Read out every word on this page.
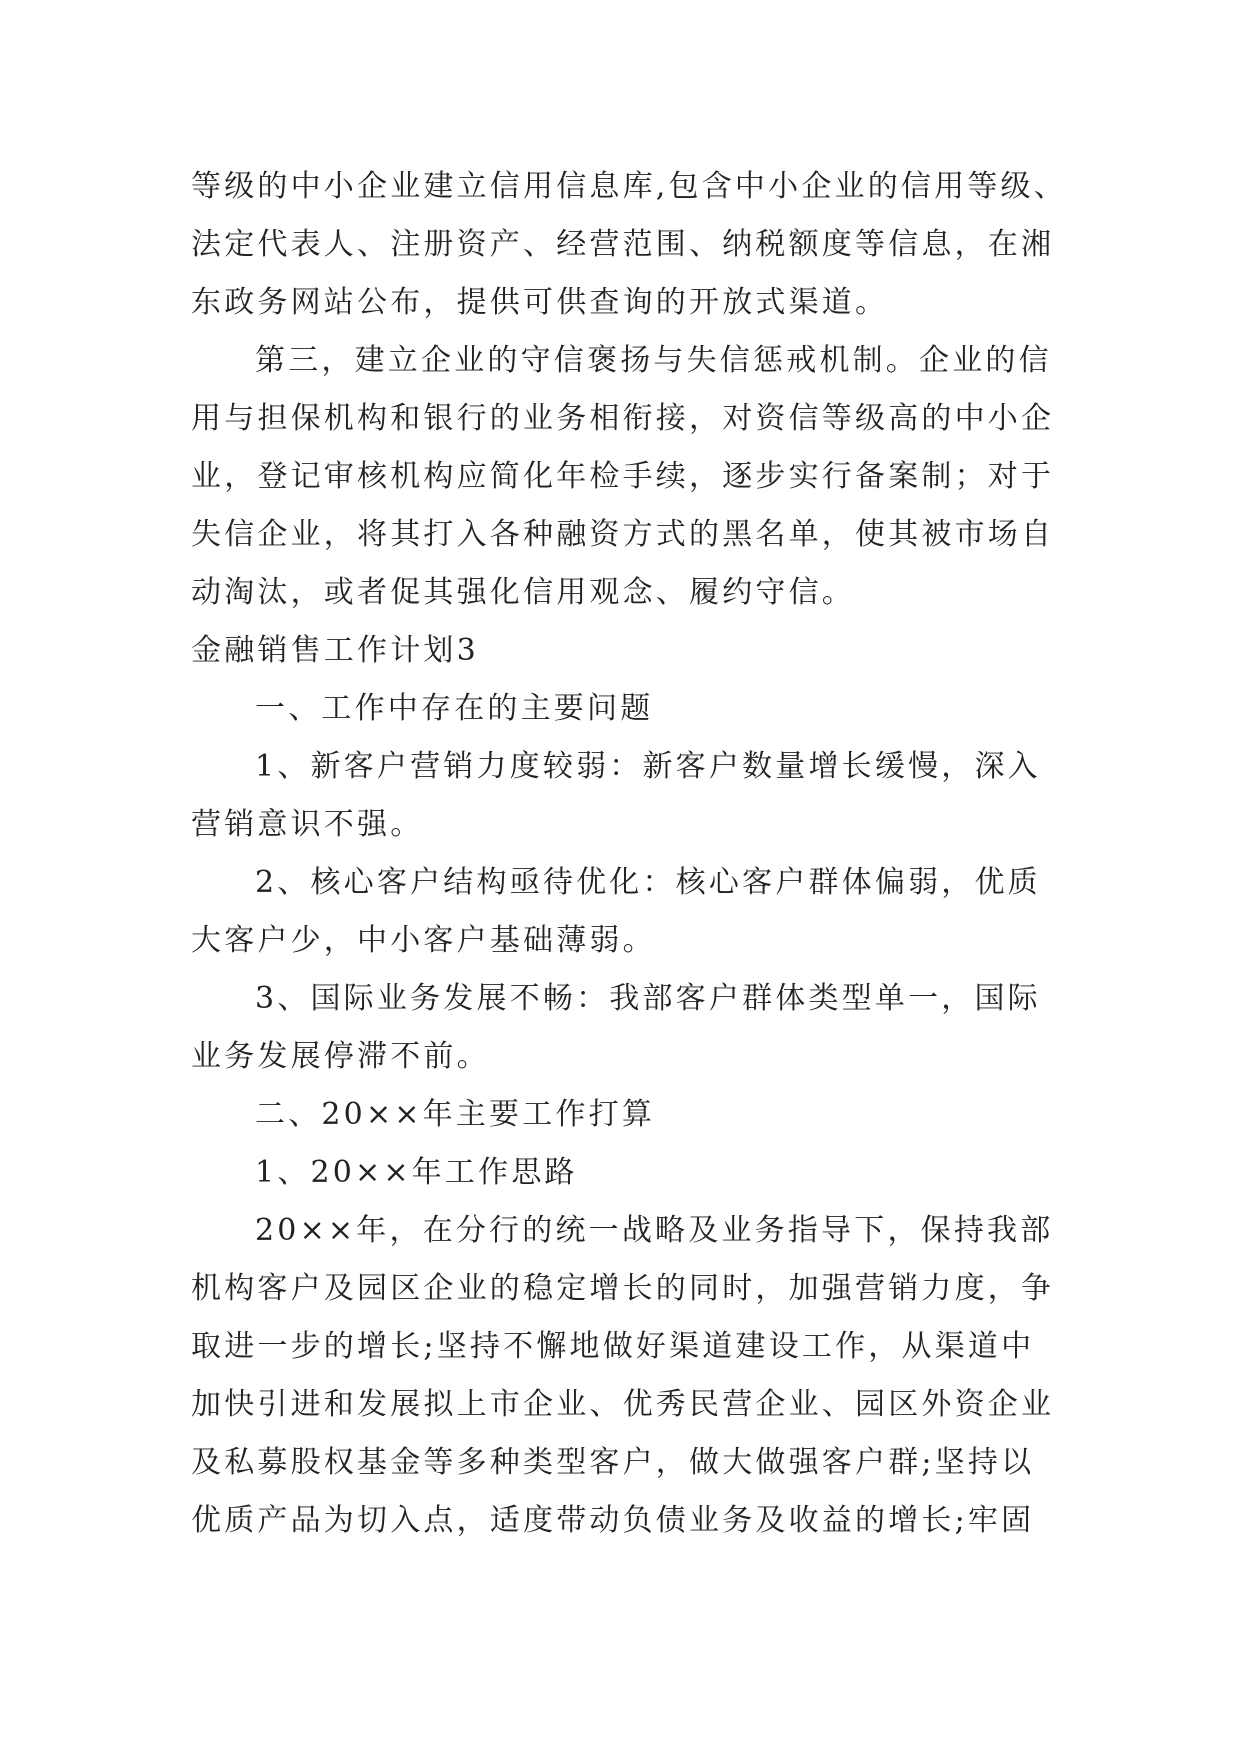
等级的中小企业建立信用信息库,包含中小企业的信用等级、
法定代表人、注册资产、经营范围、纳税额度等信息，在湘
东政务网站公布，提供可供查询的开放式渠道。
第三，建立企业的守信褒扬与失信惩戒机制。企业的信
用与担保机构和银行的业务相衔接，对资信等级高的中小企
业，登记审核机构应简化年检手续，逐步实行备案制；对于
失信企业，将其打入各种融资方式的黑名单，使其被市场自
动淘汰，或者促其强化信用观念、履约守信。
金融销售工作计划3
一、工作中存在的主要问题
1、新客户营销力度较弱：新客户数量增长缓慢，深入
营销意识不强。
2、核心客户结构亟待优化：核心客户群体偏弱，优质
大客户少，中小客户基础薄弱。
3、国际业务发展不畅：我部客户群体类型单一，国际
业务发展停滞不前。
二、20××年主要工作打算
1、20××年工作思路
20××年，在分行的统一战略及业务指导下，保持我部
机构客户及园区企业的稳定增长的同时，加强营销力度，争
取进一步的增长;坚持不懈地做好渠道建设工作，从渠道中
加快引进和发展拟上市企业、优秀民营企业、园区外资企业
及私募股权基金等多种类型客户，做大做强客户群;坚持以
优质产品为切入点，适度带动负债业务及收益的增长;牢固
